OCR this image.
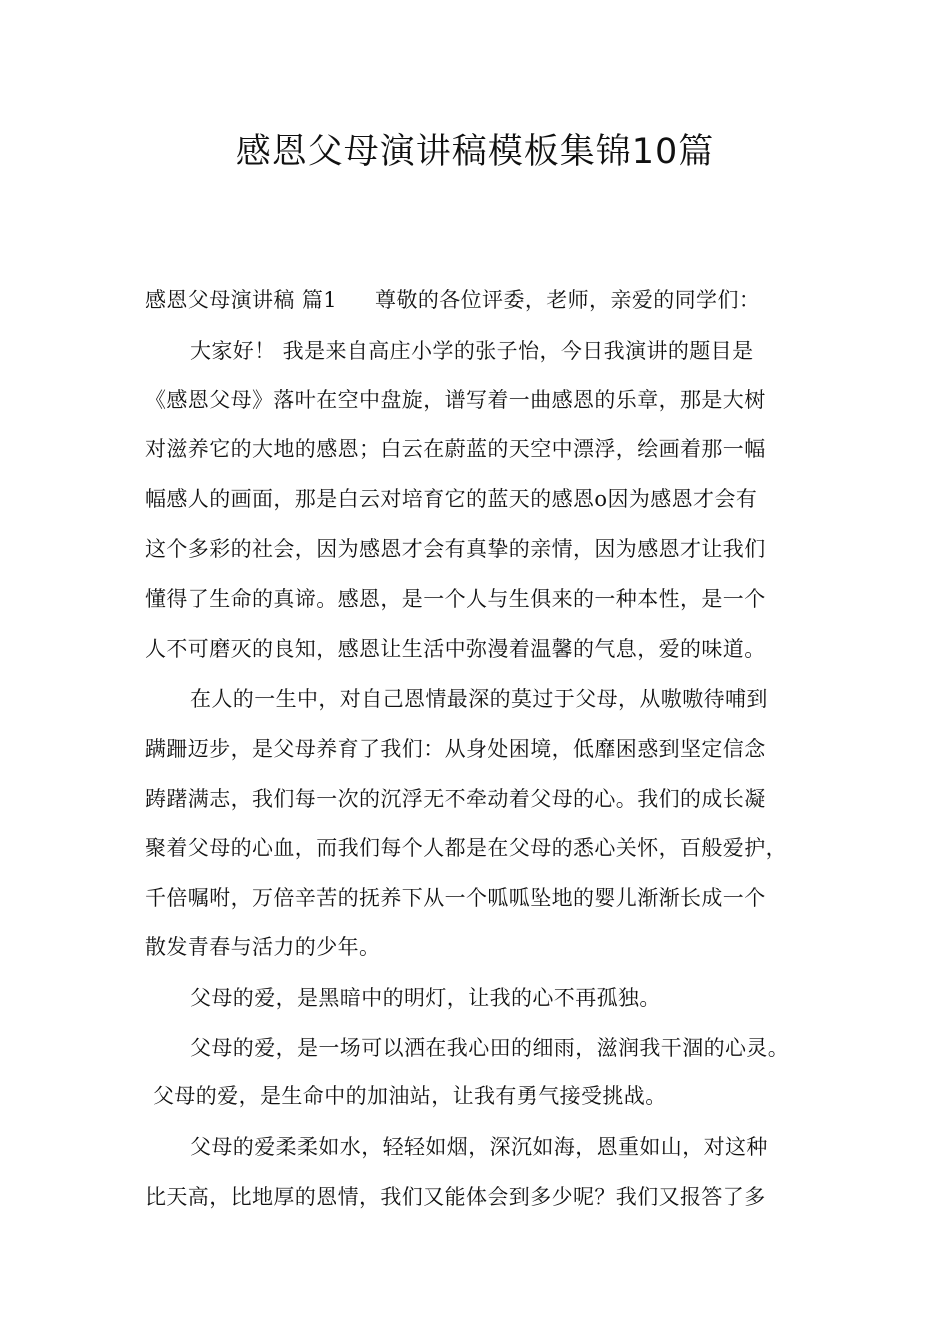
感恩父母演讲稿模板集锦10篇
感恩父母演讲稿 篇1 尊敬的各位评委，老师，亲爱的同学们：
大家好！ 我是来自高庄小学的张子怡，今日我演讲的题目是
《感恩父母》落叶在空中盘旋，谱写着一曲感恩的乐章，那是大树
对滋养它的大地的感恩；白云在蔚蓝的天空中漂浮，绘画着那一幅
幅感人的画面，那是白云对培育它的蓝天的感恩o因为感恩才会有
这个多彩的社会，因为感恩才会有真挚的亲情，因为感恩才让我们
懂得了生命的真谛。感恩，是一个人与生俱来的一种本性，是一个
人不可磨灭的良知，感恩让生活中弥漫着温馨的气息，爱的味道。
在人的一生中，对自己恩情最深的莫过于父母，从嗷嗷待哺到
蹒跚迈步，是父母养育了我们：从身处困境，低靡困惑到坚定信念
踌躇满志，我们每一次的沉浮无不牵动着父母的心。我们的成长凝
聚着父母的心血，而我们每个人都是在父母的悉心关怀，百般爱护，
千倍嘱咐，万倍辛苦的抚养下从一个呱呱坠地的婴儿渐渐长成一个
散发青春与活力的少年。
父母的爱，是黑暗中的明灯，让我的心不再孤独。
父母的爱，是一场可以洒在我心田的细雨，滋润我干涸的心灵。
父母的爱，是生命中的加油站，让我有勇气接受挑战。
父母的爱柔柔如水，轻轻如烟，深沉如海，恩重如山，对这种
比天高，比地厚的恩情，我们又能体会到多少呢？我们又报答了多
